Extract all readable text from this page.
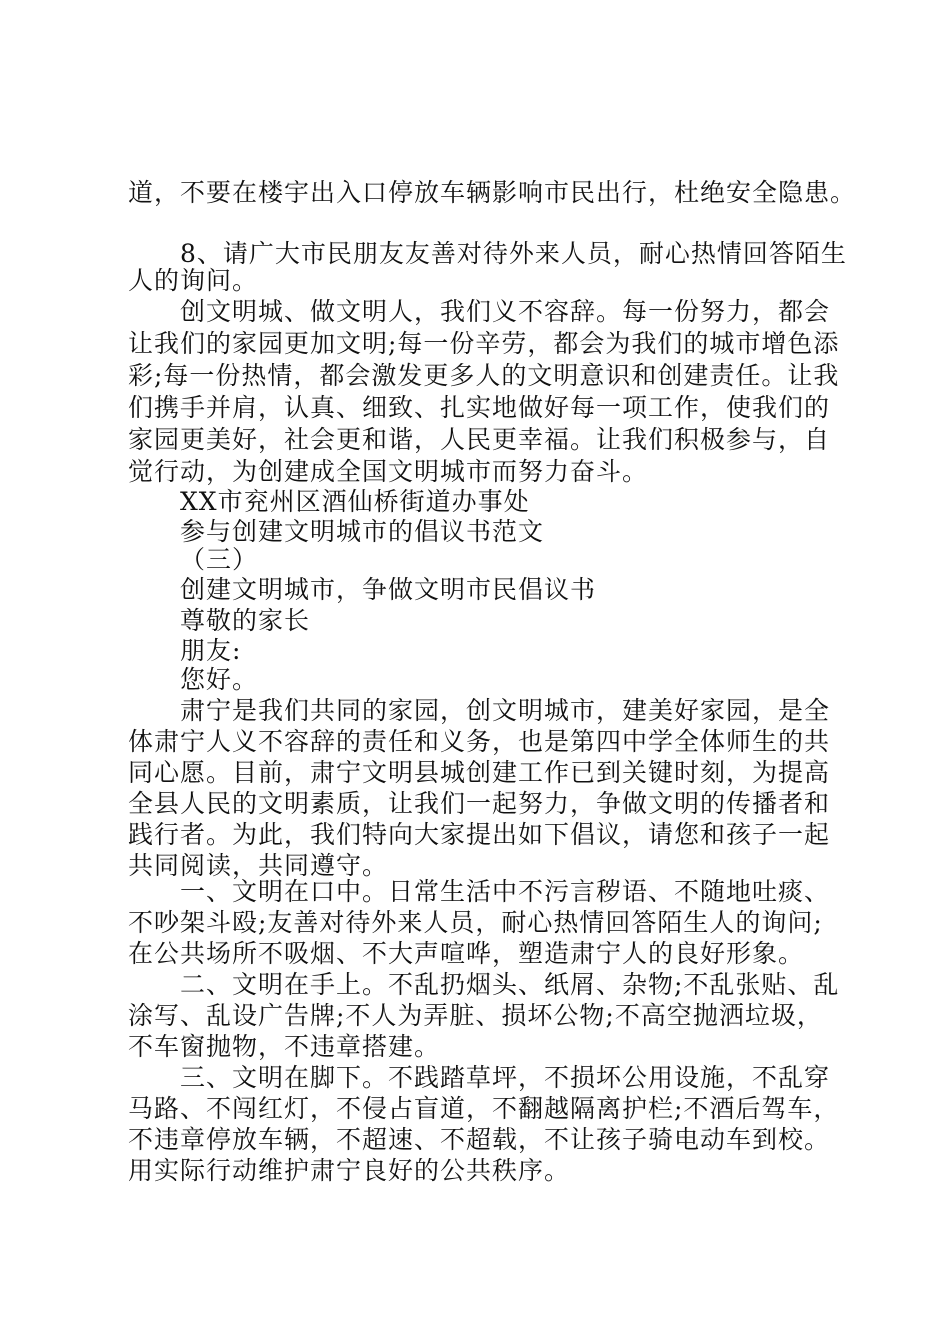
道，不要在楼宇出入口停放车辆影响市民出行，杜绝安全隐患。
8、请广大市民朋友友善对待外来人员，耐心热情回答陌生
人的询问。
创文明城、做文明人，我们义不容辞。每一份努力，都会
让我们的家园更加文明;每一份辛劳，都会为我们的城市增色添
彩;每一份热情，都会激发更多人的文明意识和创建责任。让我
们携手并肩，认真、细致、扎实地做好每一项工作，使我们的
家园更美好，社会更和谐，人民更幸福。让我们积极参与，自
觉行动，为创建成全国文明城市而努力奋斗。
XX市兖州区酒仙桥街道办事处
参与创建文明城市的倡议书范文
（三）
创建文明城市，争做文明市民倡议书
尊敬的家长
朋友:
您好。
肃宁是我们共同的家园，创文明城市，建美好家园，是全
体肃宁人义不容辞的责任和义务，也是第四中学全体师生的共
同心愿。目前，肃宁文明县城创建工作已到关键时刻，为提高
全县人民的文明素质，让我们一起努力，争做文明的传播者和
践行者。为此，我们特向大家提出如下倡议，请您和孩子一起
共同阅读，共同遵守。
一、文明在口中。日常生活中不污言秽语、不随地吐痰、
不吵架斗殴;友善对待外来人员，耐心热情回答陌生人的询问;
在公共场所不吸烟、不大声喧哗，塑造肃宁人的良好形象。
二、文明在手上。不乱扔烟头、纸屑、杂物;不乱张贴、乱
涂写、乱设广告牌;不人为弄脏、损坏公物;不高空抛洒垃圾，
不车窗抛物，不违章搭建。
三、文明在脚下。不践踏草坪，不损坏公用设施，不乱穿
马路、不闯红灯，不侵占盲道，不翻越隔离护栏;不酒后驾车，
不违章停放车辆，不超速、不超载，不让孩子骑电动车到校。
用实际行动维护肃宁良好的公共秩序。
